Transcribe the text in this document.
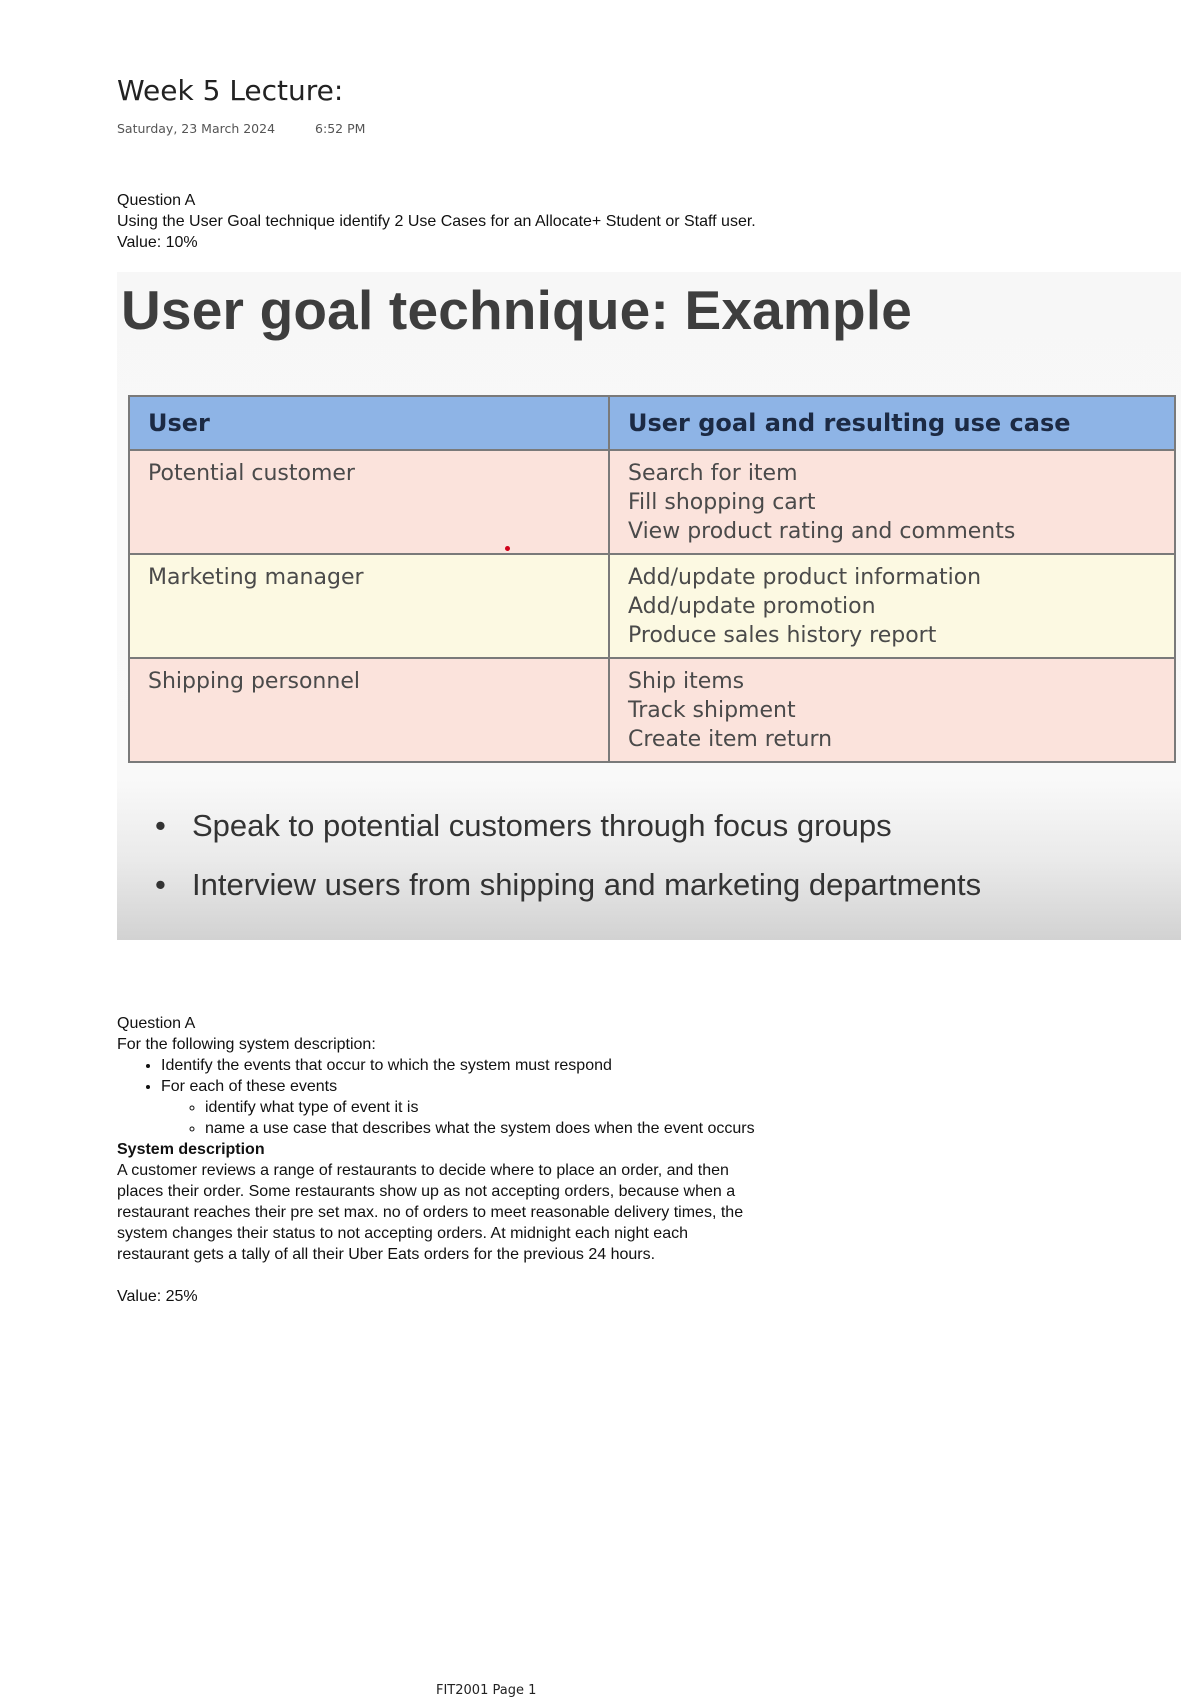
Week 5 Lecture:
Saturday, 23 March 2024	6:52 PM

Question A

Using the User Goal technique identify 2 Use Cases for an Allocate+ Student or Staff user.

Value: 10%

User goal technique: Example
User	User goal and resulting use case
Potential customer	Search for item
Fill shopping cart
View product rating and comments

Marketing manager	Add/update product information
Add/update promotion
Produce sales history report

Shipping personnel	Ship items
Track shipment
Create item return
• Speak to potential customers through focus groups
• Interview users from shipping and marketing departments

Question A

For the following system description:

• Identify the events that occur to which the system must respond
• For each of these events
◦ identify what type of event it is
◦ name a use case that describes what the system does when the event occurs

System description

A customer reviews a range of restaurants to decide where to place an order, and then

places their order. Some restaurants show up as not accepting orders, because when a

restaurant reaches their pre set max. no of orders to meet reasonable delivery times, the

system changes their status to not accepting orders. At midnight each night each

restaurant gets a tally of all their Uber Eats orders for the previous 24 hours.

Value: 25%

FIT2001 Page 1
